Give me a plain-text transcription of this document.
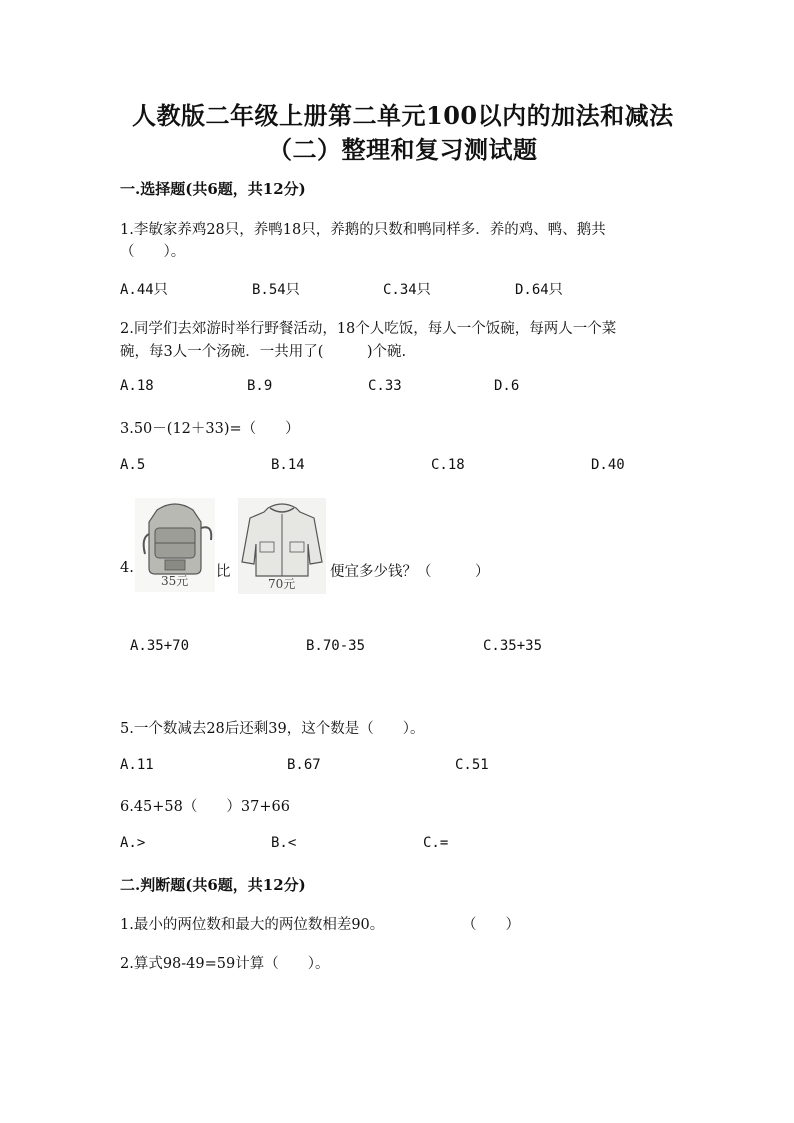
人教版二年级上册第二单元100以内的加法和减法
（二）整理和复习测试题
一.选择题(共6题，共12分)
1.李敏家养鸡28只，养鸭18只，养鹅的只数和鸭同样多．养的鸡、鸭、鹅共
（　　）。
A.44只	B.54只	C.34只	D.64只
2.同学们去郊游时举行野餐活动，18个人吃饭，每人一个饭碗，每两人一个菜
碗，每3人一个汤碗．一共用了(　　　)个碗.
A.18	B.9	C.33	D.6
3.50－(12＋33)=（　　）
A.5	B.14	C.18	D.40
4.
35元
比
70元
便宜多少钱？（　　　）
A.35+70	B.70-35	C.35+35
5.一个数减去28后还剩39，这个数是（　　）。
A.11	B.67	C.51
6.45+58（　　）37+66
A.>	B.<	C.=
二.判断题(共6题，共12分)
1.最小的两位数和最大的两位数相差90。	（　　）
2.算式98-49=59计算（　　）。
